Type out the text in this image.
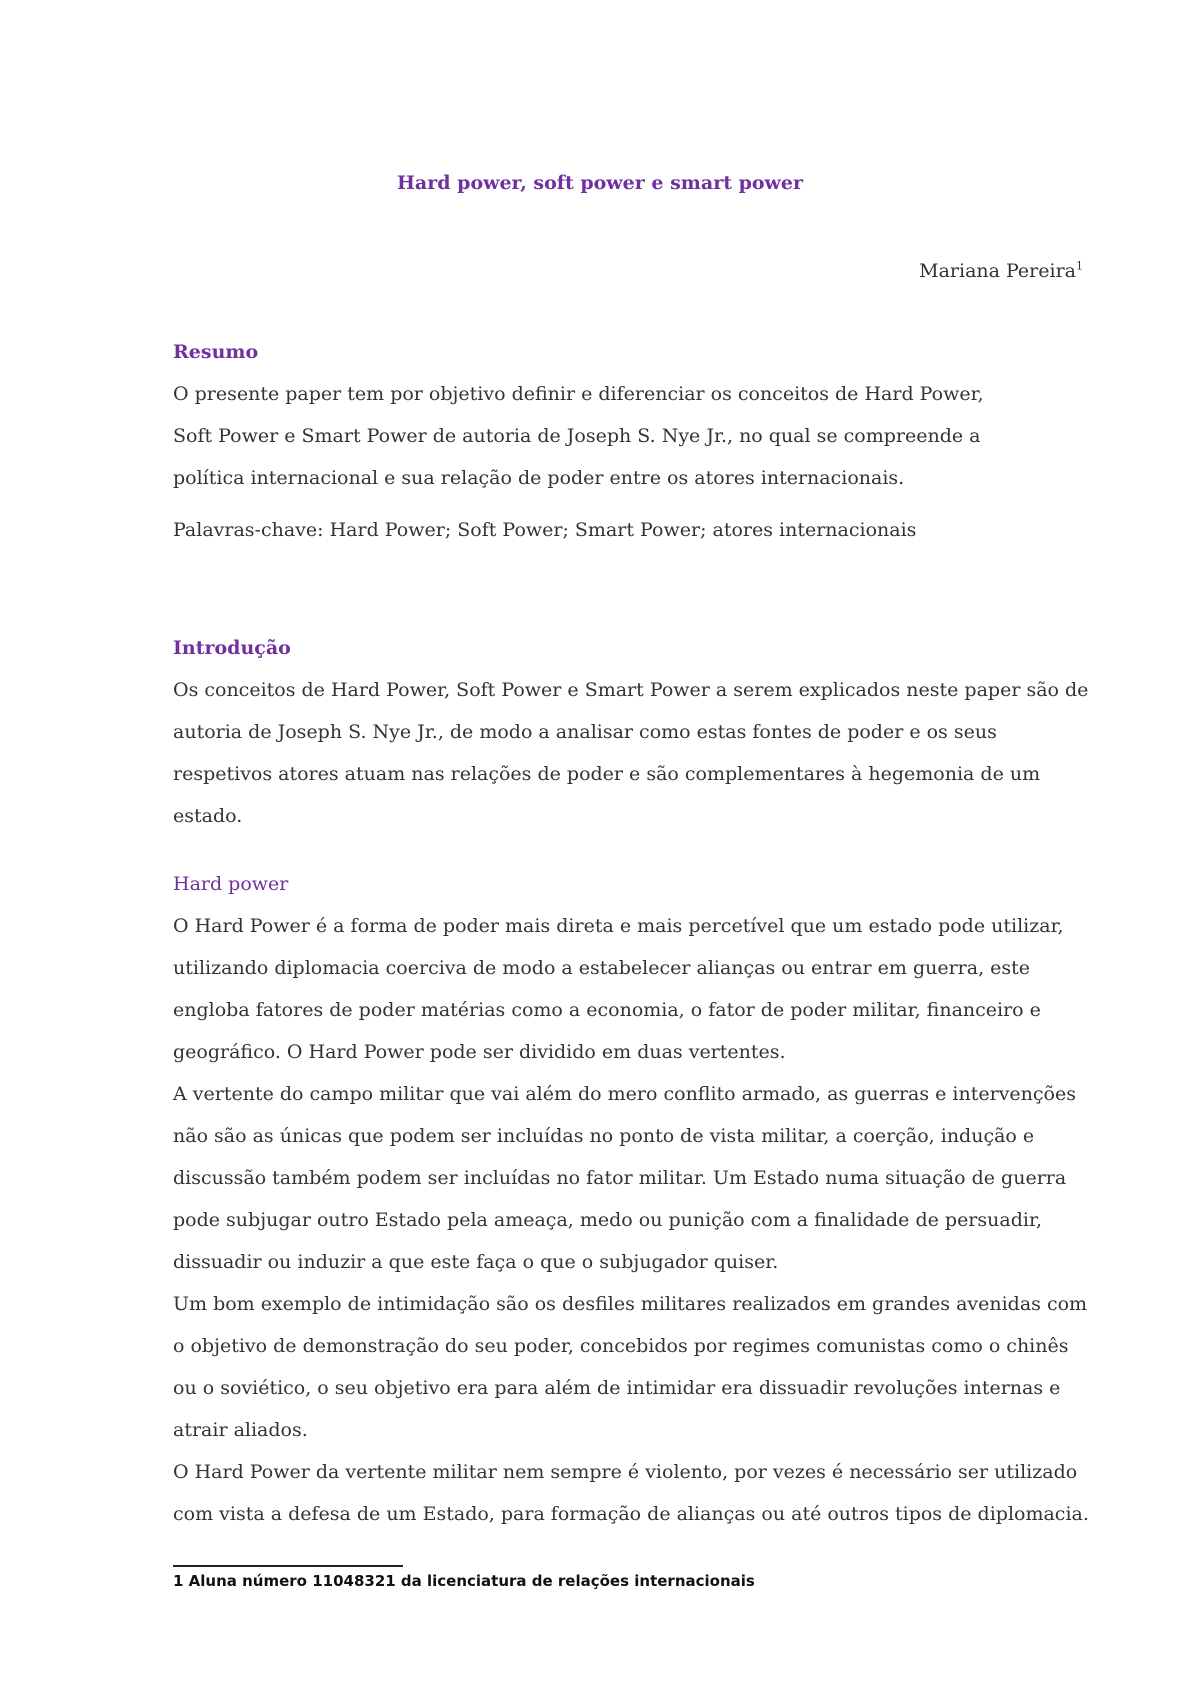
Hard power, soft power e smart power
Mariana Pereira$^1$
Resumo

O presente paper tem por objetivo definir e diferenciar os conceitos de Hard Power, Soft Power e Smart Power de autoria de Joseph S. Nye Jr., no qual se compreende a política internacional e sua relação de poder entre os atores internacionais.

Palavras-chave: Hard Power; Soft Power; Smart Power; atores internacionais

Introdução

Os conceitos de Hard Power, Soft Power e Smart Power a serem explicados neste paper são de autoria de Joseph S. Nye Jr., de modo a analisar como estas fontes de poder e os seus respetivos atores atuam nas relações de poder e são complementares à hegemonia de um estado.

Hard power

O Hard Power é a forma de poder mais direta e mais percetível que um estado pode utilizar, utilizando diplomacia coerciva de modo a estabelecer alianças ou entrar em guerra, este engloba fatores de poder matérias como a economia, o fator de poder militar, financeiro e geográfico. O Hard Power pode ser dividido em duas vertentes.

A vertente do campo militar que vai além do mero conflito armado, as guerras e intervenções não são as únicas que podem ser incluídas no ponto de vista militar, a coerção, indução e discussão também podem ser incluídas no fator militar. Um Estado numa situação de guerra pode subjugar outro Estado pela ameaça, medo ou punição com a finalidade de persuadir, dissuadir ou induzir a que este faça o que o subjugador quiser.

Um bom exemplo de intimidação são os desfiles militares realizados em grandes avenidas com o objetivo de demonstração do seu poder, concebidos por regimes comunistas como o chinês ou o soviético, o seu objetivo era para além de intimidar era dissuadir revoluções internas e atrair aliados.

O Hard Power da vertente militar nem sempre é violento, por vezes é necessário ser utilizado com vista a defesa de um Estado, para formação de alianças ou até outros tipos de diplomacia.

1 Aluna número 11048321 da licenciatura de relações internacionais
